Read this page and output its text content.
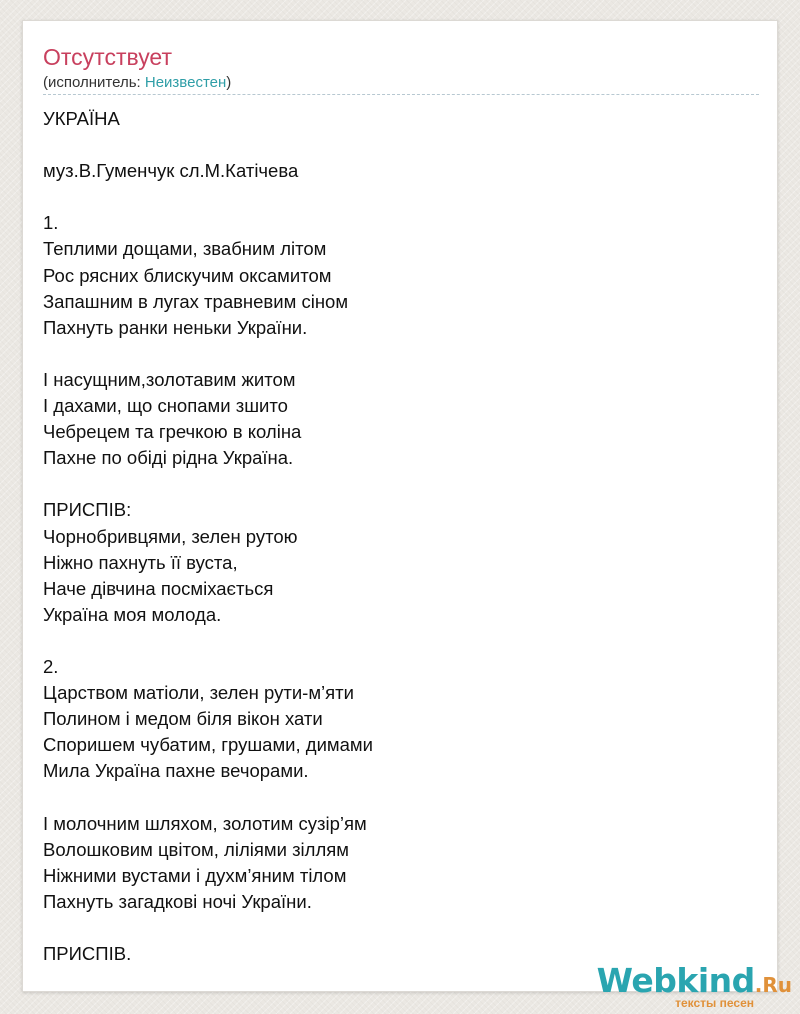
Отсутствует
(исполнитель: Неизвестен)
УКРАЇНА
муз.В.Гуменчук сл.М.Катічева
1.
Теплими дощами, звабним літом
Рос рясних блискучим оксамитом
Запашним в лугах травневим сіном
Пахнуть ранки неньки України.
І насущним,золотавим житом
І дахами, що снопами зшито
Чебрецем та гречкою в коліна
Пахне по обіді рідна Україна.
ПРИСПІВ:
Чорнобривцями, зелен рутою
Ніжно пахнуть її вуста,
Наче дівчина посміхається
Україна моя молода.
2.
Царством матіоли, зелен рути-м’яти
Полином і медом біля вікон хати
Споришем чубатим, грушами, димами
Мила Україна пахне вечорами.
І молочним шляхом, золотим сузір’ям
Волошковим цвітом, ліліями зіллям
Ніжними вустами і духм’яним тілом
Пахнуть загадкові ночі України.
ПРИСПІВ.
Webkind.Ru
тексты песен
